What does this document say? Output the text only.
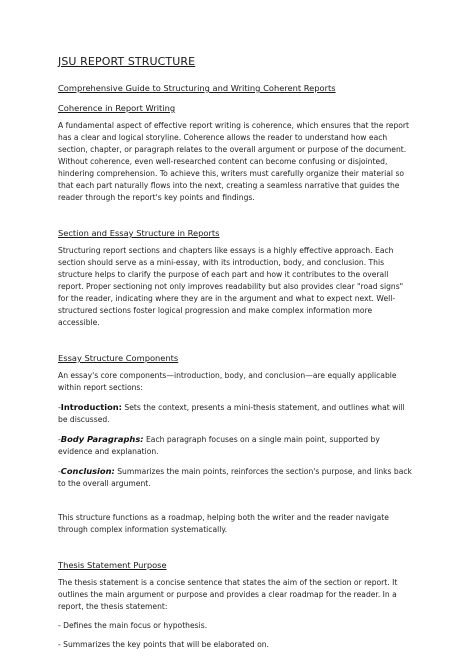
JSU REPORT STRUCTURE
Comprehensive Guide to Structuring and Writing Coherent Reports
Coherence in Report Writing

A fundamental aspect of effective report writing is coherence, which ensures that the report has a clear and logical storyline. Coherence allows the reader to understand how each section, chapter, or paragraph relates to the overall argument or purpose of the document. Without coherence, even well-researched content can become confusing or disjointed, hindering comprehension. To achieve this, writers must carefully organize their material so that each part naturally flows into the next, creating a seamless narrative that guides the reader through the report's key points and findings.

Section and Essay Structure in Reports

Structuring report sections and chapters like essays is a highly effective approach. Each section should serve as a mini-essay, with its introduction, body, and conclusion. This structure helps to clarify the purpose of each part and how it contributes to the overall report. Proper sectioning not only improves readability but also provides clear "road signs" for the reader, indicating where they are in the argument and what to expect next. Well-structured sections foster logical progression and make complex information more accessible.

Essay Structure Components

An essay's core components—introduction, body, and conclusion—are equally applicable within report sections:

-Introduction: Sets the context, presents a mini-thesis statement, and outlines what will be discussed.

-Body Paragraphs: Each paragraph focuses on a single main point, supported by evidence and explanation.

-Conclusion: Summarizes the main points, reinforces the section's purpose, and links back to the overall argument.

This structure functions as a roadmap, helping both the writer and the reader navigate through complex information systematically.

Thesis Statement Purpose

The thesis statement is a concise sentence that states the aim of the section or report. It outlines the main argument or purpose and provides a clear roadmap for the reader. In a report, the thesis statement:

- Defines the main focus or hypothesis.

- Summarizes the key points that will be elaborated on.
